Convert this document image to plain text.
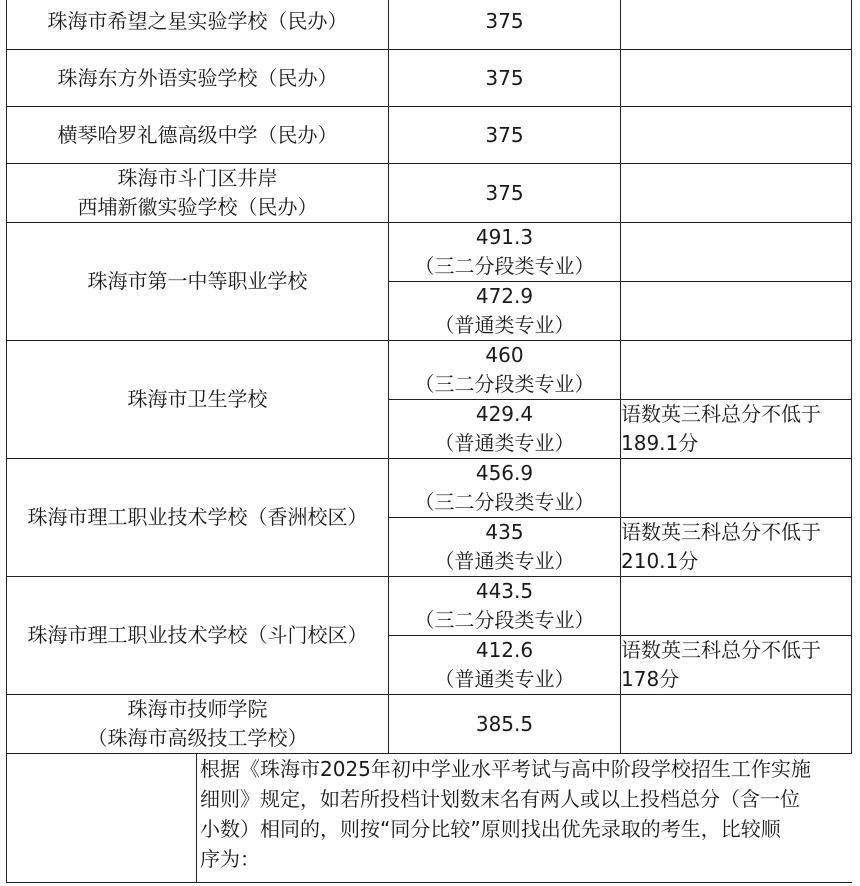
珠海市希望之星实验学校（民办）	375	

珠海东方外语实验学校（民办）	375	

横琴哈罗礼德高级中学（民办）	375	

珠海市斗门区井岸
西埔新徽实验学校（民办）	375	

珠海市第一中等职业学校	491.3
（三二分段类专业）	

	472.9
（普通类专业）	

珠海市卫生学校	460
（三二分段类专业）	

	429.4
（普通类专业）	语数英三科总分不低于
189.1分

珠海市理工职业技术学校（香洲校区）	456.9
（三二分段类专业）	

	435
（普通类专业）	语数英三科总分不低于
210.1分

珠海市理工职业技术学校（斗门校区）	443.5
（三二分段类专业）	

	412.6
（普通类专业）	语数英三科总分不低于
178分

珠海市技师学院
（珠海市高级技工学校）	385.5	

根据《珠海市2025年初中学业水平考试与高中阶段学校招生工作实施
细则》规定，如若所投档计划数末名有两人或以上投档总分（含一位
小数）相同的，则按“同分比较”原则找出优先录取的考生，比较顺
序为：		
